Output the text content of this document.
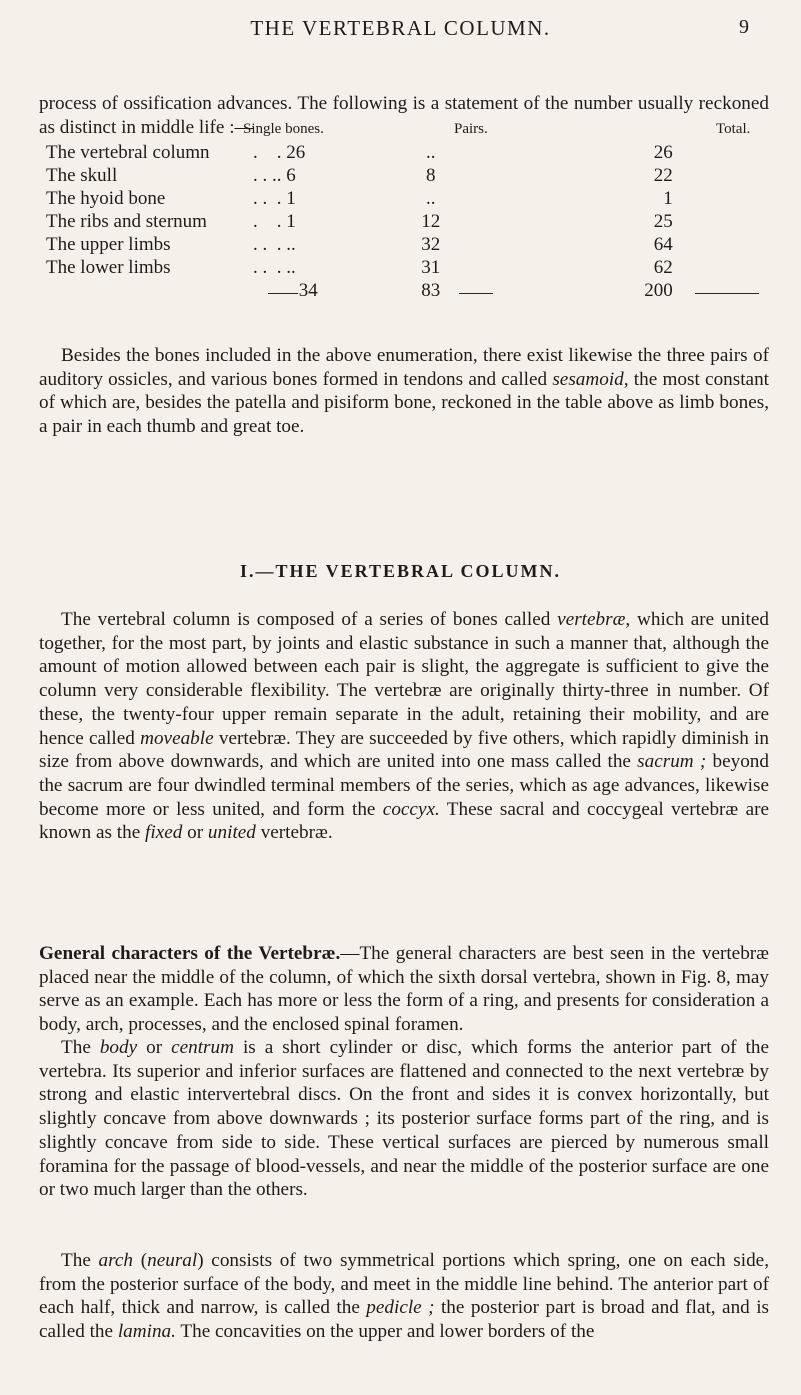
THE VERTEBRAL COLUMN.	9

process of ossification advances. The following is a statement of the number usually reckoned as distinct in middle life :—

Single bones.	Pairs.	Total.
The vertebral column	.	. 26	..	26
The skull	. . .	. 6	8	22
The hyoid bone	. .	. 1	..	1
The ribs and sternum	.	. 1	12	25
The upper limbs	. .	. ..	32	64
The lower limbs	. .	. ..	31	62
		34	83	200

Besides the bones included in the above enumeration, there exist likewise the three pairs of auditory ossicles, and various bones formed in tendons and called sesamoid, the most constant of which are, besides the patella and pisiform bone, reckoned in the table above as limb bones, a pair in each thumb and great toe.

I.—THE VERTEBRAL COLUMN.

The vertebral column is composed of a series of bones called vertebræ, which are united together, for the most part, by joints and elastic substance in such a manner that, although the amount of motion allowed between each pair is slight, the aggregate is sufficient to give the column very considerable flexibility. The vertebræ are originally thirty-three in number. Of these, the twenty-four upper remain separate in the adult, retaining their mobility, and are hence called moveable vertebræ. They are succeeded by five others, which rapidly diminish in size from above downwards, and which are united into one mass called the sacrum ; beyond the sacrum are four dwindled terminal members of the series, which as age advances, likewise become more or less united, and form the coccyx. These sacral and coccygeal vertebræ are known as the fixed or united vertebræ.

General characters of the Vertebræ.—The general characters are best seen in the vertebræ placed near the middle of the column, of which the sixth dorsal vertebra, shown in Fig. 8, may serve as an example. Each has more or less the form of a ring, and presents for consideration a body, arch, processes, and the enclosed spinal foramen.

The body or centrum is a short cylinder or disc, which forms the anterior part of the vertebra. Its superior and inferior surfaces are flattened and connected to the next vertebræ by strong and elastic intervertebral discs. On the front and sides it is convex horizontally, but slightly concave from above downwards ; its posterior surface forms part of the ring, and is slightly concave from side to side. These vertical surfaces are pierced by numerous small foramina for the passage of blood-vessels, and near the middle of the posterior surface are one or two much larger than the others.

The arch (neural) consists of two symmetrical portions which spring, one on each side, from the posterior surface of the body, and meet in the middle line behind. The anterior part of each half, thick and narrow, is called the pedicle ; the posterior part is broad and flat, and is called the lamina. The concavities on the upper and lower borders of the
